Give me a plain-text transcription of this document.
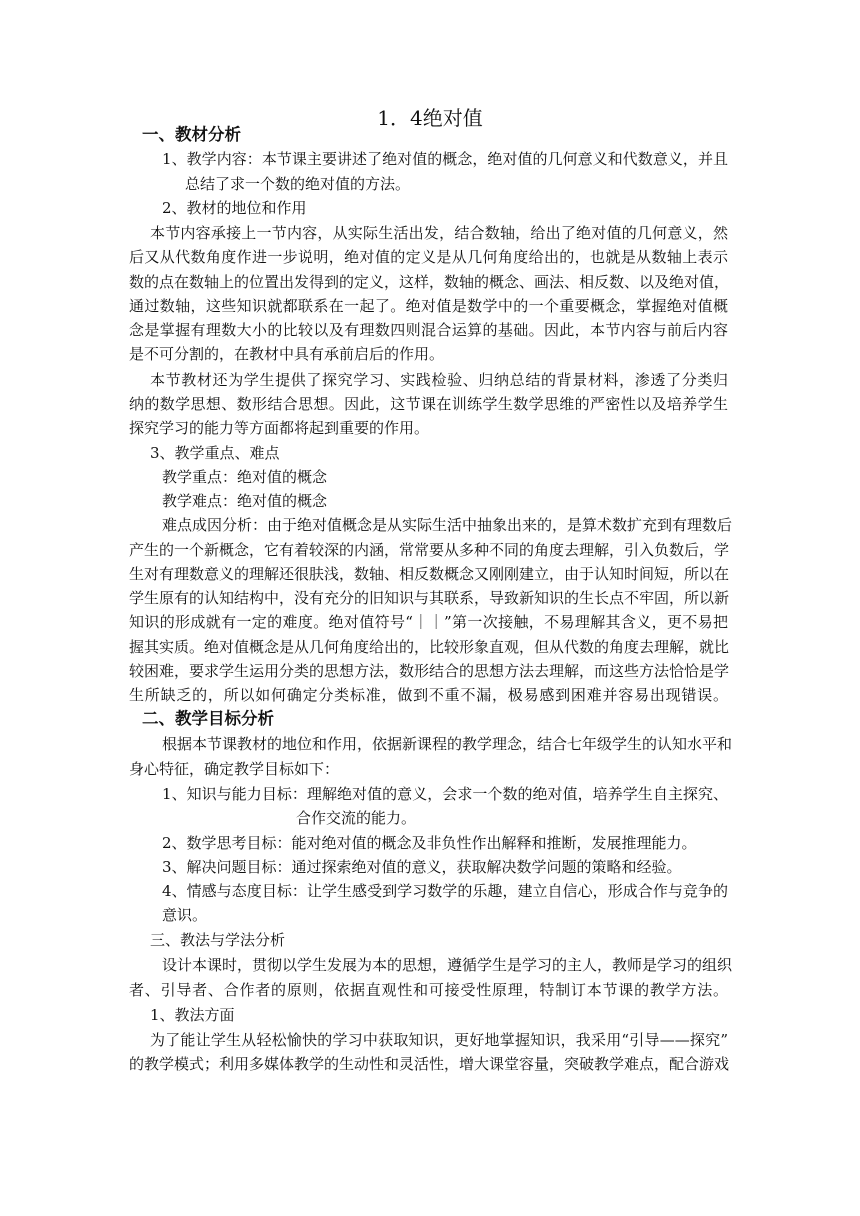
1．4绝对值
一、教材分析
1、教学内容：本节课主要讲述了绝对值的概念，绝对值的几何意义和代数意义，并且
总结了求一个数的绝对值的方法。
2、教材的地位和作用
本节内容承接上一节内容，从实际生活出发，结合数轴，给出了绝对值的几何意义，然
后又从代数角度作进一步说明，绝对值的定义是从几何角度给出的，也就是从数轴上表示
数的点在数轴上的位置出发得到的定义，这样，数轴的概念、画法、相反数、以及绝对值，
通过数轴，这些知识就都联系在一起了。绝对值是数学中的一个重要概念，掌握绝对值概
念是掌握有理数大小的比较以及有理数四则混合运算的基础。因此，本节内容与前后内容
是不可分割的，在教材中具有承前启后的作用。
本节教材还为学生提供了探究学习、实践检验、归纳总结的背景材料，渗透了分类归
纳的数学思想、数形结合思想。因此，这节课在训练学生数学思维的严密性以及培养学生
探究学习的能力等方面都将起到重要的作用。
3、教学重点、难点
教学重点：绝对值的概念
教学难点：绝对值的概念
难点成因分析：由于绝对值概念是从实际生活中抽象出来的，是算术数扩充到有理数后
产生的一个新概念，它有着较深的内涵，常常要从多种不同的角度去理解，引入负数后，学
生对有理数意义的理解还很肤浅，数轴、相反数概念又刚刚建立，由于认知时间短，所以在
学生原有的认知结构中，没有充分的旧知识与其联系，导致新知识的生长点不牢固，所以新
知识的形成就有一定的难度。绝对值符号“｜｜”第一次接触，不易理解其含义，更不易把
握其实质。绝对值概念是从几何角度给出的，比较形象直观，但从代数的角度去理解，就比
较困难，要求学生运用分类的思想方法，数形结合的思想方法去理解，而这些方法恰恰是学
生所缺乏的，所以如何确定分类标准，做到不重不漏，极易感到困难并容易出现错误。
二、教学目标分析
根据本节课教材的地位和作用，依据新课程的教学理念，结合七年级学生的认知水平和
身心特征，确定教学目标如下：
1、知识与能力目标：理解绝对值的意义，会求一个数的绝对值，培养学生自主探究、
合作交流的能力。
2、数学思考目标：能对绝对值的概念及非负性作出解释和推断，发展推理能力。
3、解决问题目标：通过探索绝对值的意义，获取解决数学问题的策略和经验。
4、情感与态度目标：让学生感受到学习数学的乐趣，建立自信心，形成合作与竞争的
意识。
三、教法与学法分析
设计本课时，贯彻以学生发展为本的思想，遵循学生是学习的主人，教师是学习的组织
者、引导者、合作者的原则，依据直观性和可接受性原理，特制订本节课的教学方法。
1、教法方面
为了能让学生从轻松愉快的学习中获取知识，更好地掌握知识，我采用“引导——探究”
的教学模式；利用多媒体教学的生动性和灵活性，增大课堂容量，突破教学难点，配合游戏
